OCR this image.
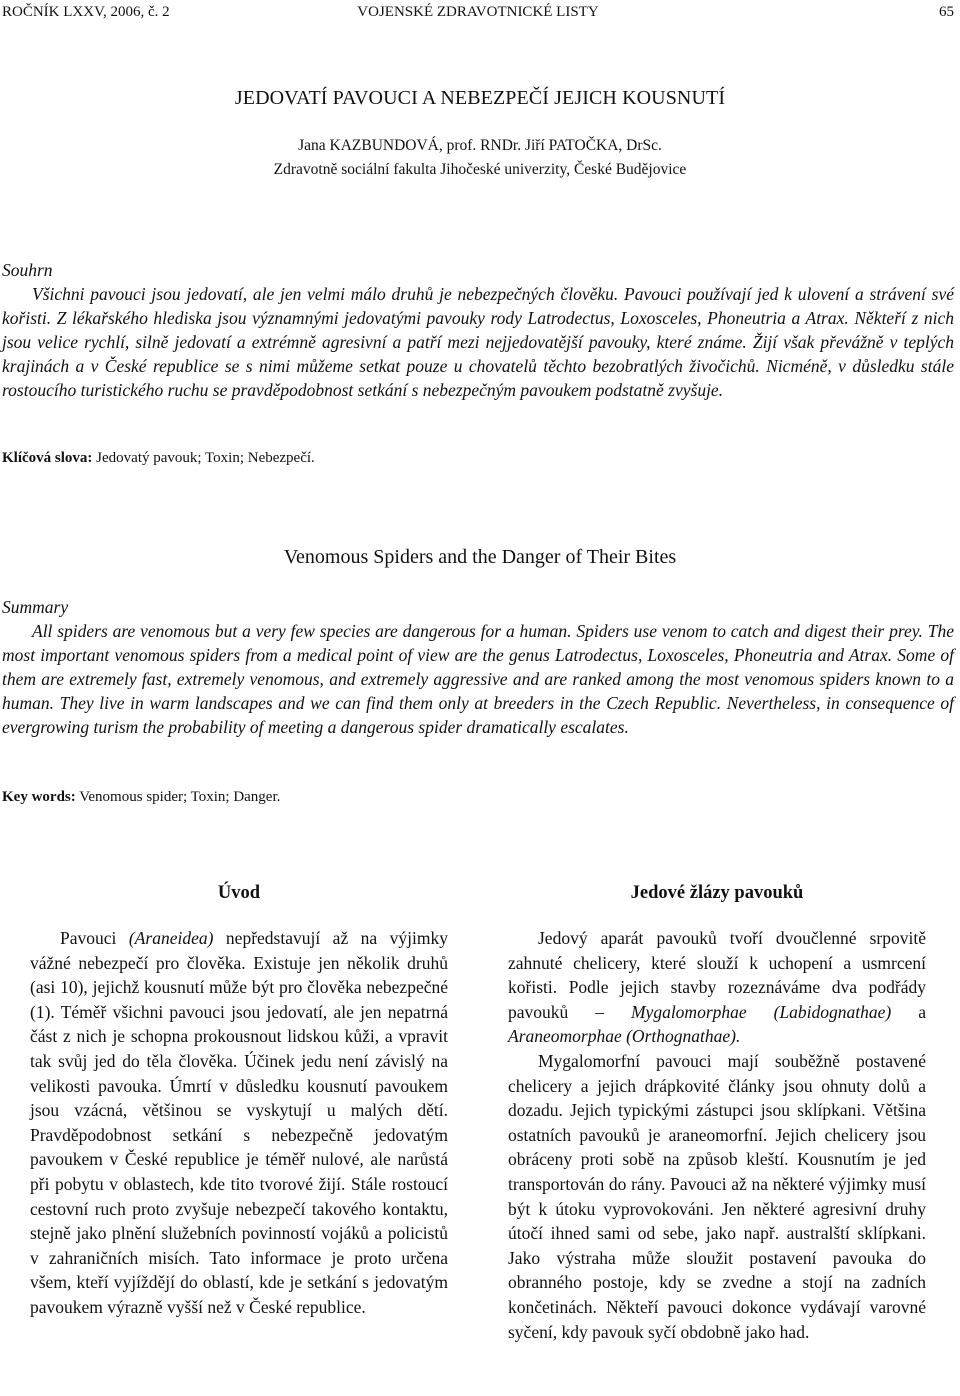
ROČNÍK LXXV, 2006, č. 2	VOJENSKÉ ZDRAVOTNICKÉ LISTY	65
JEDOVATÍ PAVOUCI A NEBEZPEČÍ JEJICH KOUSNUTÍ
Jana KAZBUNDOVÁ, prof. RNDr. Jiří PATOČKA, DrSc.
Zdravotně sociální fakulta Jihočeské univerzity, České Budějovice
Souhrn

Všichni pavouci jsou jedovatí, ale jen velmi málo druhů je nebezpečných člověku. Pavouci používají jed k ulovení a strávení své kořisti. Z lékařského hlediska jsou významnými jedovatými pavouky rody Latrodectus, Loxosceles, Phoneutria a Atrax. Někteří z nich jsou velice rychlí, silně jedovatí a extrémně agresivní a patří mezi nejjedovatější pavouky, které známe. Žijí však převážně v teplých krajinách a v České republice se s nimi můžeme setkat pouze u chovatelů těchto bezobratlých živočichů. Nicméně, v důsledku stále rostoucího turistického ruchu se pravděpodobnost setkání s nebezpečným pavoukem podstatně zvyšuje.

Klíčová slova: Jedovatý pavouk; Toxin; Nebezpečí.
Venomous Spiders and the Danger of Their Bites
Summary

All spiders are venomous but a very few species are dangerous for a human. Spiders use venom to catch and digest their prey. The most important venomous spiders from a medical point of view are the genus Latrodectus, Loxosceles, Phoneutria and Atrax. Some of them are extremely fast, extremely venomous, and extremely aggressive and are ranked among the most venomous spiders known to a human. They live in warm landscapes and we can find them only at breeders in the Czech Republic. Nevertheless, in consequence of evergrowing turism the probability of meeting a dangerous spider dramatically escalates.

Key words: Venomous spider; Toxin; Danger.
Úvod

Pavouci (Araneidea) nepředstavují až na výjimky vážné nebezpečí pro člověka. Existuje jen několik druhů (asi 10), jejichž kousnutí může být pro člověka nebezpečné (1). Téměř všichni pavouci jsou jedovatí, ale jen nepatrná část z nich je schopna prokousnout lidskou kůži, a vpravit tak svůj jed do těla člověka. Účinek jedu není závislý na velikosti pavouka. Úmrtí v důsledku kousnutí pavoukem jsou vzácná, většinou se vyskytují u malých dětí. Pravděpodobnost setkání s nebezpečně jedovatým pavoukem v České republice je téměř nulové, ale narůstá při pobytu v oblastech, kde tito tvorové žijí. Stále rostoucí cestovní ruch proto zvyšuje nebezpečí takového kontaktu, stejně jako plnění služebních povinností vojáků a policistů v zahraničních misích. Tato informace je proto určena všem, kteří vyjíždějí do oblastí, kde je setkání s jedovatým pavoukem výrazně vyšší než v České republice.

Jedové žlázy pavouků

Jedový aparát pavouků tvoří dvoučlenné srpovitě zahnuté chelicery, které slouží k uchopení a usmrcení kořisti. Podle jejich stavby rozeznáváme dva podřády pavouků – Mygalomorphae (Labidognathae) a Araneomorphae (Orthognathae).

Mygalomorfní pavouci mají souběžně postavené chelicery a jejich drápkovité články jsou ohnuty dolů a dozadu. Jejich typickými zástupci jsou sklípkani. Většina ostatních pavouků je araneomorfní. Jejich chelicery jsou obráceny proti sobě na způsob kleští. Kousnutím je jed transportován do rány. Pavouci až na některé výjimky musí být k útoku vyprovokováni. Jen některé agresivní druhy útočí ihned sami od sebe, jako např. australští sklípkani. Jako výstraha může sloužit postavení pavouka do obranného postoje, kdy se zvedne a stojí na zadních končetinách. Někteří pavouci dokonce vydávají varovné syčení, kdy pavouk syčí obdobně jako had.
